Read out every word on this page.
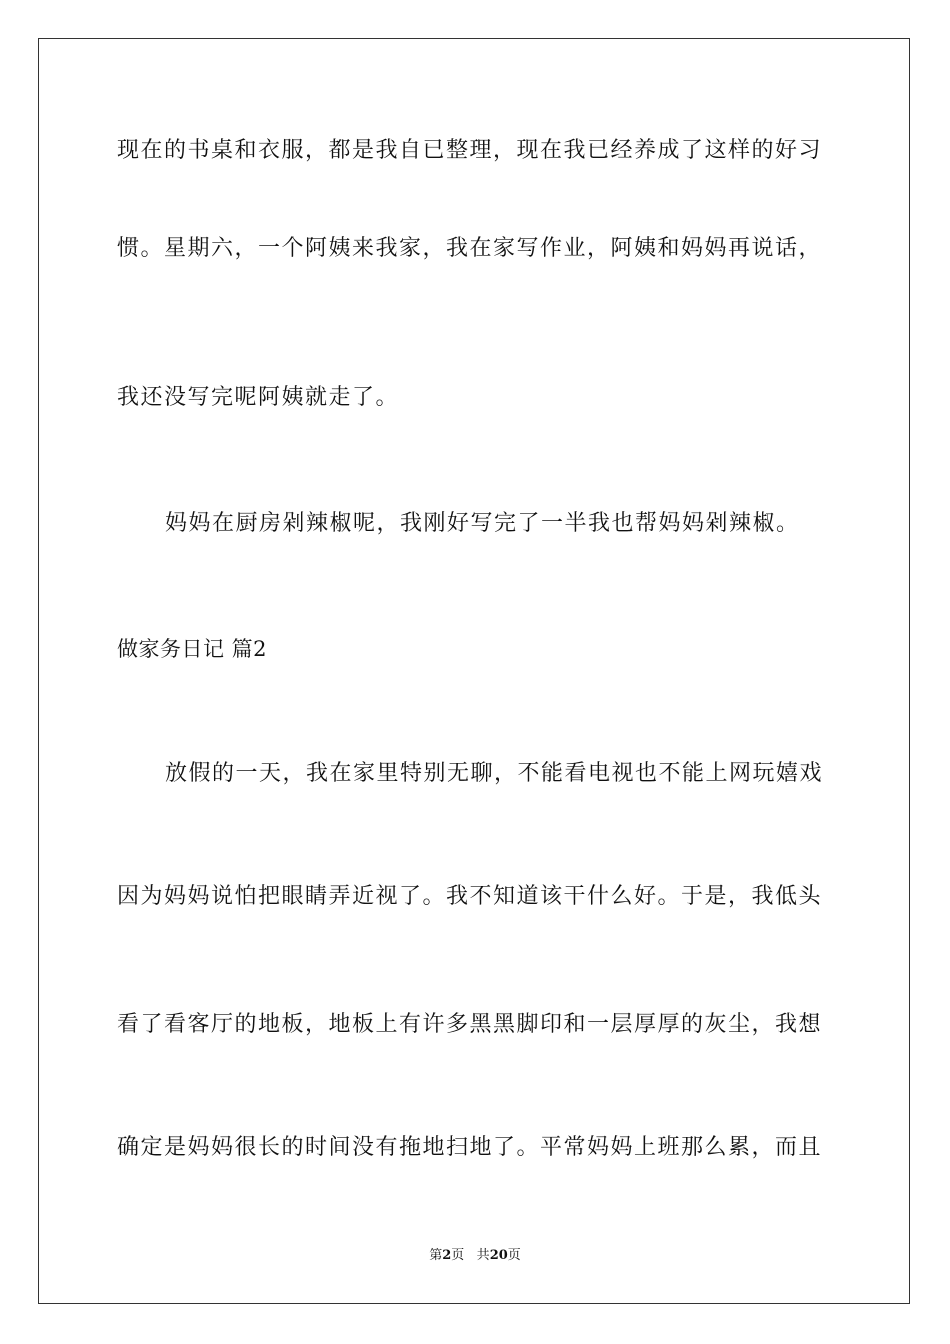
现在的书桌和衣服，都是我自已整理，现在我已经养成了这样的好习
惯。星期六，一个阿姨来我家，我在家写作业，阿姨和妈妈再说话，
我还没写完呢阿姨就走了。
妈妈在厨房剁辣椒呢，我刚好写完了一半我也帮妈妈剁辣椒。
做家务日记 篇2
放假的一天，我在家里特别无聊，不能看电视也不能上网玩嬉戏
因为妈妈说怕把眼睛弄近视了。我不知道该干什么好。于是，我低头
看了看客厅的地板，地板上有许多黑黑脚印和一层厚厚的灰尘，我想
确定是妈妈很长的时间没有拖地扫地了。平常妈妈上班那么累，而且
第2页 共20页
